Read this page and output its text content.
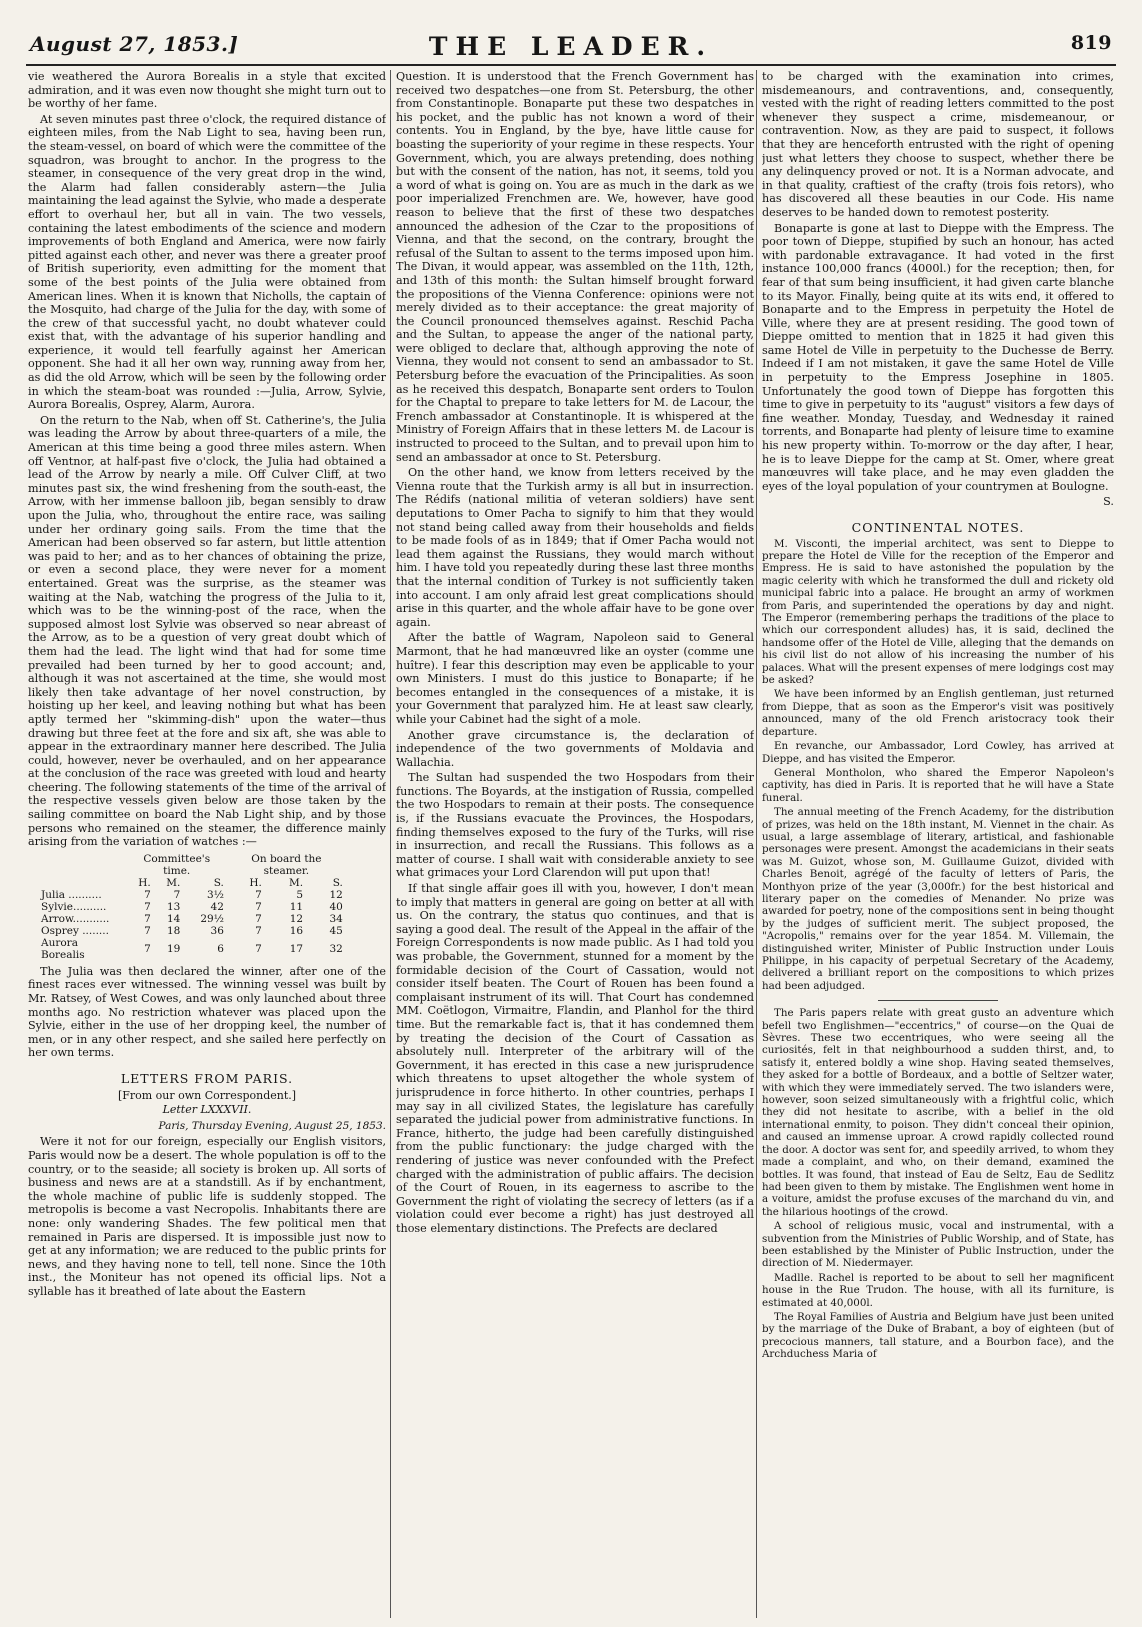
August 27, 1853.]	THE LEADER.	819

vie weathered the Aurora Borealis in a style that excited admiration, and it was even now thought she might turn out to be worthy of her fame.

At seven minutes past three o'clock, the required distance of eighteen miles, from the Nab Light to sea, having been run, the steam-vessel, on board of which were the committee of the squadron, was brought to anchor. In the progress to the steamer, in consequence of the very great drop in the wind, the Alarm had fallen considerably astern—the Julia maintaining the lead against the Sylvie, who made a desperate effort to overhaul her, but all in vain. The two vessels, containing the latest embodiments of the science and modern improvements of both England and America, were now fairly pitted against each other, and never was there a greater proof of British superiority, even admitting for the moment that some of the best points of the Julia were obtained from American lines. When it is known that Nicholls, the captain of the Mosquito, had charge of the Julia for the day, with some of the crew of that successful yacht, no doubt whatever could exist that, with the advantage of his superior handling and experience, it would tell fearfully against her American opponent. She had it all her own way, running away from her, as did the old Arrow, which will be seen by the following order in which the steam-boat was rounded :—Julia, Arrow, Sylvie, Aurora Borealis, Osprey, Alarm, Aurora.

On the return to the Nab, when off St. Catherine's, the Julia was leading the Arrow by about three-quarters of a mile, the American at this time being a good three miles astern. When off Ventnor, at half-past five o'clock, the Julia had obtained a lead of the Arrow by nearly a mile. Off Culver Cliff, at two minutes past six, the wind freshening from the south-east, the Arrow, with her immense balloon jib, began sensibly to draw upon the Julia, who, throughout the entire race, was sailing under her ordinary going sails. From the time that the American had been observed so far astern, but little attention was paid to her; and as to her chances of obtaining the prize, or even a second place, they were never for a moment entertained. Great was the surprise, as the steamer was waiting at the Nab, watching the progress of the Julia to it, which was to be the winning-post of the race, when the supposed almost lost Sylvie was observed so near abreast of the Arrow, as to be a question of very great doubt which of them had the lead. The light wind that had for some time prevailed had been turned by her to good account; and, although it was not ascertained at the time, she would most likely then take advantage of her novel construction, by hoisting up her keel, and leaving nothing but what has been aptly termed her "skimming-dish" upon the water—thus drawing but three feet at the fore and six aft, she was able to appear in the extraordinary manner here described. The Julia could, however, never be overhauled, and on her appearance at the conclusion of the race was greeted with loud and hearty cheering. The following statements of the time of the arrival of the respective vessels given below are those taken by the sailing committee on board the Nab Light ship, and by those persons who remained on the steamer, the difference mainly arising from the variation of watches :—

	Committee's time.			On board the steamer.		
	H.	M.	S.	H.	M.	S.
Julia ..........	7	7	3½	7	5	12
Sylvie..........	7	13	42	7	11	40
Arrow...........	7	14	29½	7	12	34
Osprey ........	7	18	36	7	16	45
Aurora Borealis	7	19	6	7	17	32

The Julia was then declared the winner, after one of the finest races ever witnessed. The winning vessel was built by Mr. Ratsey, of West Cowes, and was only launched about three months ago. No restriction whatever was placed upon the Sylvie, either in the use of her dropping keel, the number of men, or in any other respect, and she sailed here perfectly on her own terms.

LETTERS FROM PARIS.
[From our own Correspondent.]
Letter LXXXVII.
Paris, Thursday Evening, August 25, 1853.

Were it not for our foreign, especially our English visitors, Paris would now be a desert. The whole population is off to the country, or to the seaside; all society is broken up. All sorts of business and news are at a standstill. As if by enchantment, the whole machine of public life is suddenly stopped. The metropolis is become a vast Necropolis. Inhabitants there are none: only wandering Shades. The few political men that remained in Paris are dispersed. It is impossible just now to get at any information; we are reduced to the public prints for news, and they having none to tell, tell none. Since the 10th inst., the Moniteur has not opened its official lips. Not a syllable has it breathed of late about the Eastern

Question. It is understood that the French Government has received two despatches—one from St. Petersburg, the other from Constantinople. Bonaparte put these two despatches in his pocket, and the public has not known a word of their contents. You in England, by the bye, have little cause for boasting the superiority of your regime in these respects. Your Government, which, you are always pretending, does nothing but with the consent of the nation, has not, it seems, told you a word of what is going on. You are as much in the dark as we poor imperialized Frenchmen are. We, however, have good reason to believe that the first of these two despatches announced the adhesion of the Czar to the propositions of Vienna, and that the second, on the contrary, brought the refusal of the Sultan to assent to the terms imposed upon him. The Divan, it would appear, was assembled on the 11th, 12th, and 13th of this month: the Sultan himself brought forward the propositions of the Vienna Conference: opinions were not merely divided as to their acceptance: the great majority of the Council pronounced themselves against. Reschid Pacha and the Sultan, to appease the anger of the national party, were obliged to declare that, although approving the note of Vienna, they would not consent to send an ambassador to St. Petersburg before the evacuation of the Principalities. As soon as he received this despatch, Bonaparte sent orders to Toulon for the Chaptal to prepare to take letters for M. de Lacour, the French ambassador at Constantinople. It is whispered at the Ministry of Foreign Affairs that in these letters M. de Lacour is instructed to proceed to the Sultan, and to prevail upon him to send an ambassador at once to St. Petersburg.

On the other hand, we know from letters received by the Vienna route that the Turkish army is all but in insurrection. The Rédifs (national militia of veteran soldiers) have sent deputations to Omer Pacha to signify to him that they would not stand being called away from their households and fields to be made fools of as in 1849; that if Omer Pacha would not lead them against the Russians, they would march without him. I have told you repeatedly during these last three months that the internal condition of Turkey is not sufficiently taken into account. I am only afraid lest great complications should arise in this quarter, and the whole affair have to be gone over again.

After the battle of Wagram, Napoleon said to General Marmont, that he had manœuvred like an oyster (comme une huître). I fear this description may even be applicable to your own Ministers. I must do this justice to Bonaparte; if he becomes entangled in the consequences of a mistake, it is your Government that paralyzed him. He at least saw clearly, while your Cabinet had the sight of a mole.

Another grave circumstance is, the declaration of independence of the two governments of Moldavia and Wallachia.

The Sultan had suspended the two Hospodars from their functions. The Boyards, at the instigation of Russia, compelled the two Hospodars to remain at their posts. The consequence is, if the Russians evacuate the Provinces, the Hospodars, finding themselves exposed to the fury of the Turks, will rise in insurrection, and recall the Russians. This follows as a matter of course. I shall wait with considerable anxiety to see what grimaces your Lord Clarendon will put upon that!

If that single affair goes ill with you, however, I don't mean to imply that matters in general are going on better at all with us. On the contrary, the status quo continues, and that is saying a good deal. The result of the Appeal in the affair of the Foreign Correspondents is now made public. As I had told you was probable, the Government, stunned for a moment by the formidable decision of the Court of Cassation, would not consider itself beaten. The Court of Rouen has been found a complaisant instrument of its will. That Court has condemned MM. Coëtlogon, Virmaitre, Flandin, and Planhol for the third time. But the remarkable fact is, that it has condemned them by treating the decision of the Court of Cassation as absolutely null. Interpreter of the arbitrary will of the Government, it has erected in this case a new jurisprudence which threatens to upset altogether the whole system of jurisprudence in force hitherto. In other countries, perhaps I may say in all civilized States, the legislature has carefully separated the judicial power from administrative functions. In France, hitherto, the judge had been carefully distinguished from the public functionary: the judge charged with the rendering of justice was never confounded with the Prefect charged with the administration of public affairs. The decision of the Court of Rouen, in its eagerness to ascribe to the Government the right of violating the secrecy of letters (as if a violation could ever become a right) has just destroyed all those elementary distinctions. The Prefects are declared

to be charged with the examination into crimes, misdemeanours, and contraventions, and, consequently, vested with the right of reading letters committed to the post whenever they suspect a crime, misdemeanour, or contravention. Now, as they are paid to suspect, it follows that they are henceforth entrusted with the right of opening just what letters they choose to suspect, whether there be any delinquency proved or not. It is a Norman advocate, and in that quality, craftiest of the crafty (trois fois retors), who has discovered all these beauties in our Code. His name deserves to be handed down to remotest posterity.

Bonaparte is gone at last to Dieppe with the Empress. The poor town of Dieppe, stupified by such an honour, has acted with pardonable extravagance. It had voted in the first instance 100,000 francs (4000l.) for the reception; then, for fear of that sum being insufficient, it had given carte blanche to its Mayor. Finally, being quite at its wits end, it offered to Bonaparte and to the Empress in perpetuity the Hotel de Ville, where they are at present residing. The good town of Dieppe omitted to mention that in 1825 it had given this same Hotel de Ville in perpetuity to the Duchesse de Berry. Indeed if I am not mistaken, it gave the same Hotel de Ville in perpetuity to the Empress Josephine in 1805. Unfortunately the good town of Dieppe has forgotten this time to give in perpetuity to its "august" visitors a few days of fine weather. Monday, Tuesday, and Wednesday it rained torrents, and Bonaparte had plenty of leisure time to examine his new property within. To-morrow or the day after, I hear, he is to leave Dieppe for the camp at St. Omer, where great manœuvres will take place, and he may even gladden the eyes of the loyal population of your countrymen at Boulogne.

S.

CONTINENTAL NOTES.

M. Visconti, the imperial architect, was sent to Dieppe to prepare the Hotel de Ville for the reception of the Emperor and Empress. He is said to have astonished the population by the magic celerity with which he transformed the dull and rickety old municipal fabric into a palace. He brought an army of workmen from Paris, and superintended the operations by day and night. The Emperor (remembering perhaps the traditions of the place to which our correspondent alludes) has, it is said, declined the handsome offer of the Hotel de Ville, alleging that the demands on his civil list do not allow of his increasing the number of his palaces. What will the present expenses of mere lodgings cost may be asked?

We have been informed by an English gentleman, just returned from Dieppe, that as soon as the Emperor's visit was positively announced, many of the old French aristocracy took their departure.

En revanche, our Ambassador, Lord Cowley, has arrived at Dieppe, and has visited the Emperor.

General Montholon, who shared the Emperor Napoleon's captivity, has died in Paris. It is reported that he will have a State funeral.

The annual meeting of the French Academy, for the distribution of prizes, was held on the 18th instant, M. Viennet in the chair. As usual, a large assemblage of literary, artistical, and fashionable personages were present. Amongst the academicians in their seats was M. Guizot, whose son, M. Guillaume Guizot, divided with Charles Benoit, agrégé of the faculty of letters of Paris, the Monthyon prize of the year (3,000fr.) for the best historical and literary paper on the comedies of Menander. No prize was awarded for poetry, none of the compositions sent in being thought by the judges of sufficient merit. The subject proposed, the "Acropolis," remains over for the year 1854. M. Villemain, the distinguished writer, Minister of Public Instruction under Louis Philippe, in his capacity of perpetual Secretary of the Academy, delivered a brilliant report on the compositions to which prizes had been adjudged.

The Paris papers relate with great gusto an adventure which befell two Englishmen—"eccentrics," of course—on the Quai de Sèvres. These two eccentriques, who were seeing all the curiosités, felt in that neighbourhood a sudden thirst, and, to satisfy it, entered boldly a wine shop. Having seated themselves, they asked for a bottle of Bordeaux, and a bottle of Seltzer water, with which they were immediately served. The two islanders were, however, soon seized simultaneously with a frightful colic, which they did not hesitate to ascribe, with a belief in the old international enmity, to poison. They didn't conceal their opinion, and caused an immense uproar. A crowd rapidly collected round the door. A doctor was sent for, and speedily arrived, to whom they made a complaint, and who, on their demand, examined the bottles. It was found, that instead of Eau de Seltz, Eau de Sedlitz had been given to them by mistake. The Englishmen went home in a voiture, amidst the profuse excuses of the marchand du vin, and the hilarious hootings of the crowd.

A school of religious music, vocal and instrumental, with a subvention from the Ministries of Public Worship, and of State, has been established by the Minister of Public Instruction, under the direction of M. Niedermayer.

Madlle. Rachel is reported to be about to sell her magnificent house in the Rue Trudon. The house, with all its furniture, is estimated at 40,000l.

The Royal Families of Austria and Belgium have just been united by the marriage of the Duke of Brabant, a boy of eighteen (but of precocious manners, tall stature, and a Bourbon face), and the Archduchess Maria of
